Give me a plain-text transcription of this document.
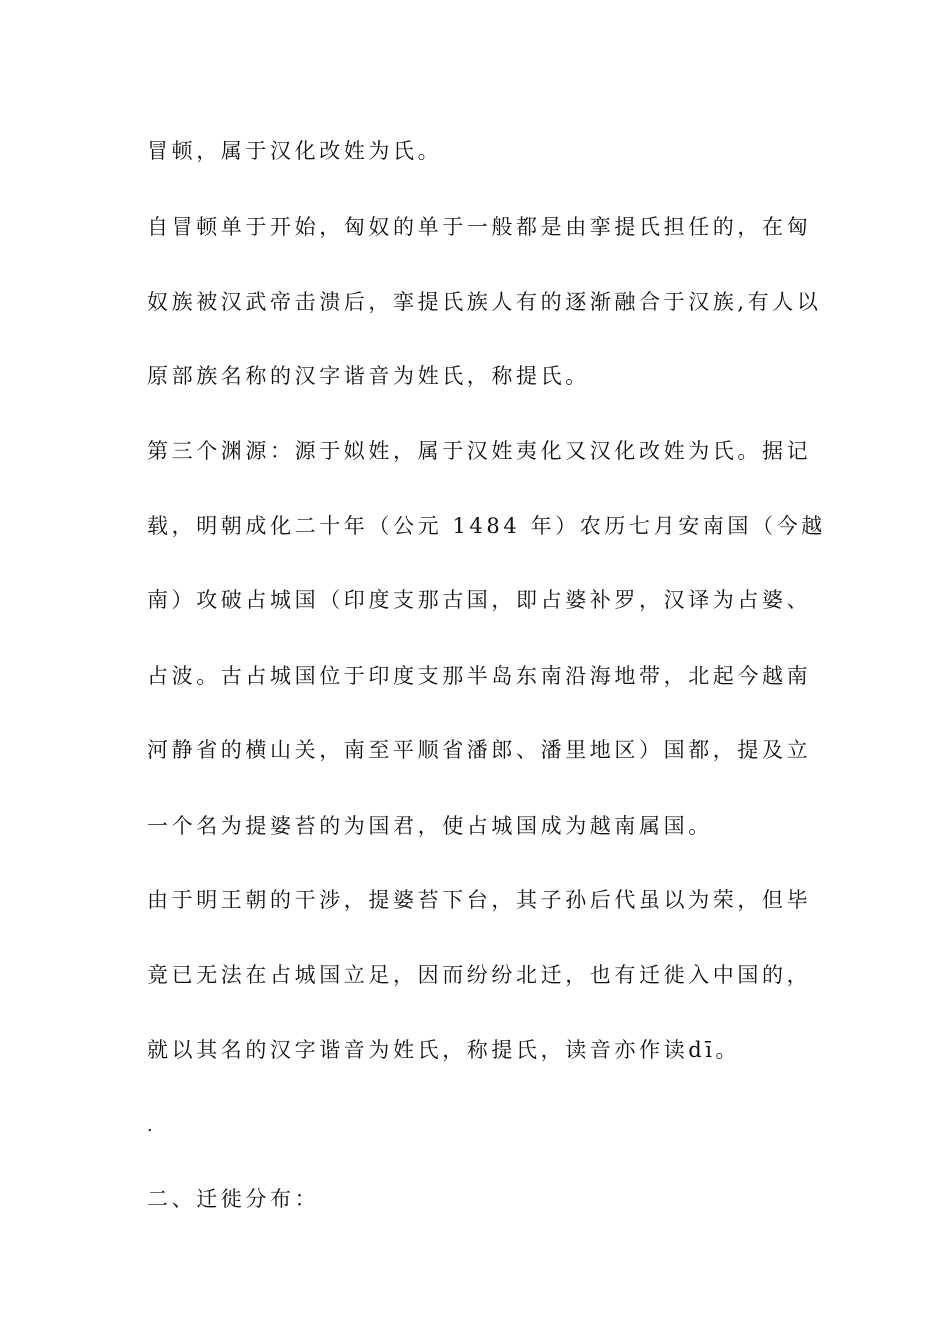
冒顿，属于汉化改姓为氏。
自冒顿单于开始，匈奴的单于一般都是由挛提氏担任的，在匈
奴族被汉武帝击溃后，挛提氏族人有的逐渐融合于汉族,有人以
原部族名称的汉字谐音为姓氏，称提氏。
第三个渊源：源于姒姓，属于汉姓夷化又汉化改姓为氏。据记
载，明朝成化二十年（公元 1484 年）农历七月安南国（今越
南）攻破占城国（印度支那古国，即占婆补罗，汉译为占婆、
占波。古占城国位于印度支那半岛东南沿海地带，北起今越南
河静省的横山关，南至平顺省潘郎、潘里地区）国都，提及立
一个名为提婆苔的为国君，使占城国成为越南属国。
由于明王朝的干涉，提婆苔下台，其子孙后代虽以为荣，但毕
竟已无法在占城国立足，因而纷纷北迁，也有迁徙入中国的，
就以其名的汉字谐音为姓氏，称提氏，读音亦作读dī。
.
二、迁徙分布：
